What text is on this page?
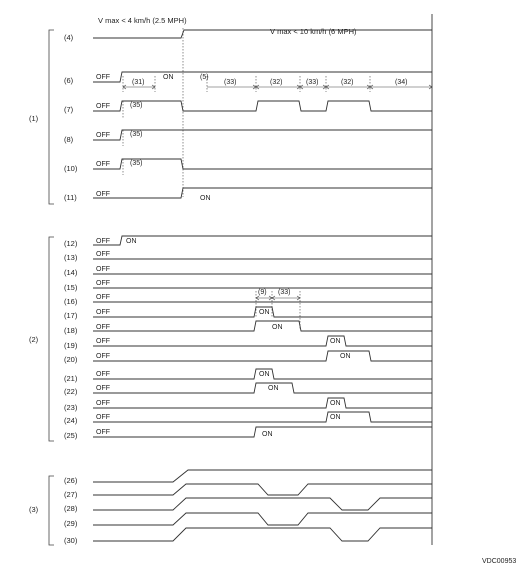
V max < 4 km/h (2.5 MPH)
V max < 10 km/h (6 MPH)
(1)
(2)
(3)
(4)
(6)
(7)
(8)
(10)
(11)
(12)
(13)
(14)
(15)
(16)
(17)
(18)
(19)
(20)
(21)
(22)
(23)
(24)
(25)
(26)
(27)
(28)
(29)
(30)
OFF	ON
(31)
(5)
(33)	(32)	(33)	(32)	(34)
OFF	(35)
OFF	(35)
OFF	(35)
OFF
ON
OFF ON
OFF
OFF
OFF
OFF
(9) (33)
OFF	ON
OFF	ON
OFF	ON
OFF	ON
OFF	ON
OFF	ON
OFF	ON
OFF	ON
OFF	ON
VDC00953
